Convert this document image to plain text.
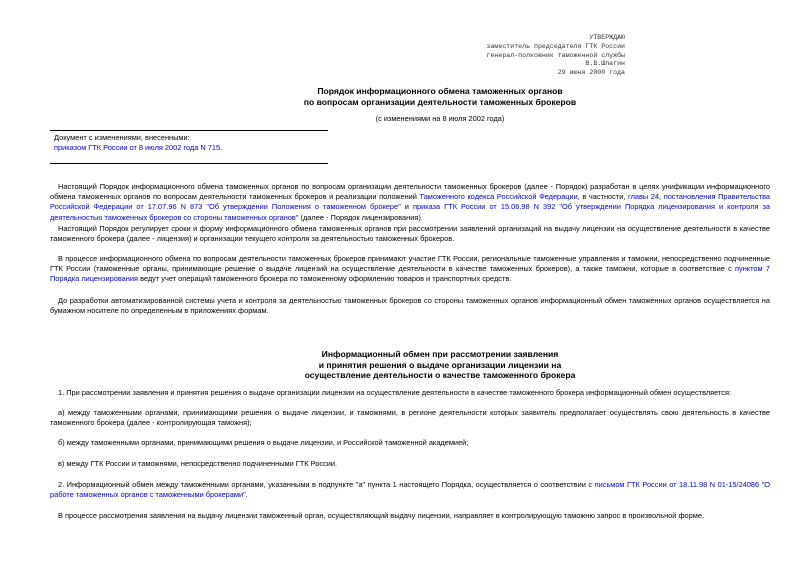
УТВЕРЖДАЮ
заместитель председателя ГТК России
генерал-полковник таможенной службы
В.В.Шпагин
29 июня 2000 года
Порядок информационного обмена таможенных органов
по вопросам организации деятельности таможенных брокеров
(с изменениями на 8 июля 2002 года)
Документ с изменениями, внесенными:
приказом ГТК России от 8 июля 2002 года N 715.
Настоящий Порядок информационного обмена таможенных органов по вопросам организации деятельности таможенных брокеров (далее - Порядок) разработан в целях унификации информационного обмена таможенных органов по вопросам деятельности таможенных брокеров и реализации положений Таможенного кодекса Российской Федерации, в частности, главы 24, постановления Правительства Российской Федерации от 17.07.96 N 873 "Об утверждении Положения о таможенном брокере" и приказа ГТК России от 15.06.98 N 392 "Об утверждении Порядка лицензирования и контроля за деятельностью таможенных брокеров со стороны таможенных органов" (далее - Порядок лицензирования).
Настоящий Порядок регулирует сроки и форму информационного обмена таможенных органов при рассмотрении заявлений организаций на выдачу лицензии на осуществление деятельности в качестве таможенного брокера (далее - лицензия) и организации текущего контроля за деятельностью таможенных брокеров.
В процессе информационного обмена по вопросам деятельности таможенных брокеров принимают участие ГТК России, региональные таможенные управления и таможни, непосредственно подчиненные ГТК России (таможенные органы, принимающие решение о выдаче лицензий на осуществление деятельности в качестве таможенных брокеров), а также таможни, которые в соответствие с пунктом 7 Порядка лицензирования ведут учет операций таможенного брокера по таможенному оформлению товаров и транспортных средств.
До разработки автоматизированной системы учета и контроля за деятельностью таможенных брокеров со стороны таможенных органов информационный обмен таможенных органов осуществляется на бумажном носителе по определенным в приложениях формам.
Информационный обмен при рассмотрении заявления
и принятия решения о выдаче организации лицензии на
осуществление деятельности о качестве таможенного брокера
1. При рассмотрении заявления и принятия решения о выдаче организации лицензии на осуществление деятельности в качестве таможенного брокера информационный обмен осуществляется:
а) между таможенными органами, принимающими решения о выдаче лицензии, и таможнями, в регионе деятельности которых заявитель предполагает осуществлять свою деятельность в качестве таможенного брокера (далее - контролирующая таможня);
б) между таможенными органами, принимающими решения о выдаче лицензии, и Российской таможенной академией;
в) между ГТК России и таможнями, непосредственно подчиненными ГТК России.
2. Информационный обмен между таможенными органами, указанными в подпункте "а" пункта 1 настоящего Порядка, осуществляется о соответствии с письмом ГТК России от 18.11.98 N 01-15/24086 "О работе таможенных органов с таможенными брокерами".
В процессе рассмотрения заявления на выдачу лицензии таможенный орган, осуществляющий выдачу лицензии, направляет в контролирующую таможню запрос в произвольной форме.
